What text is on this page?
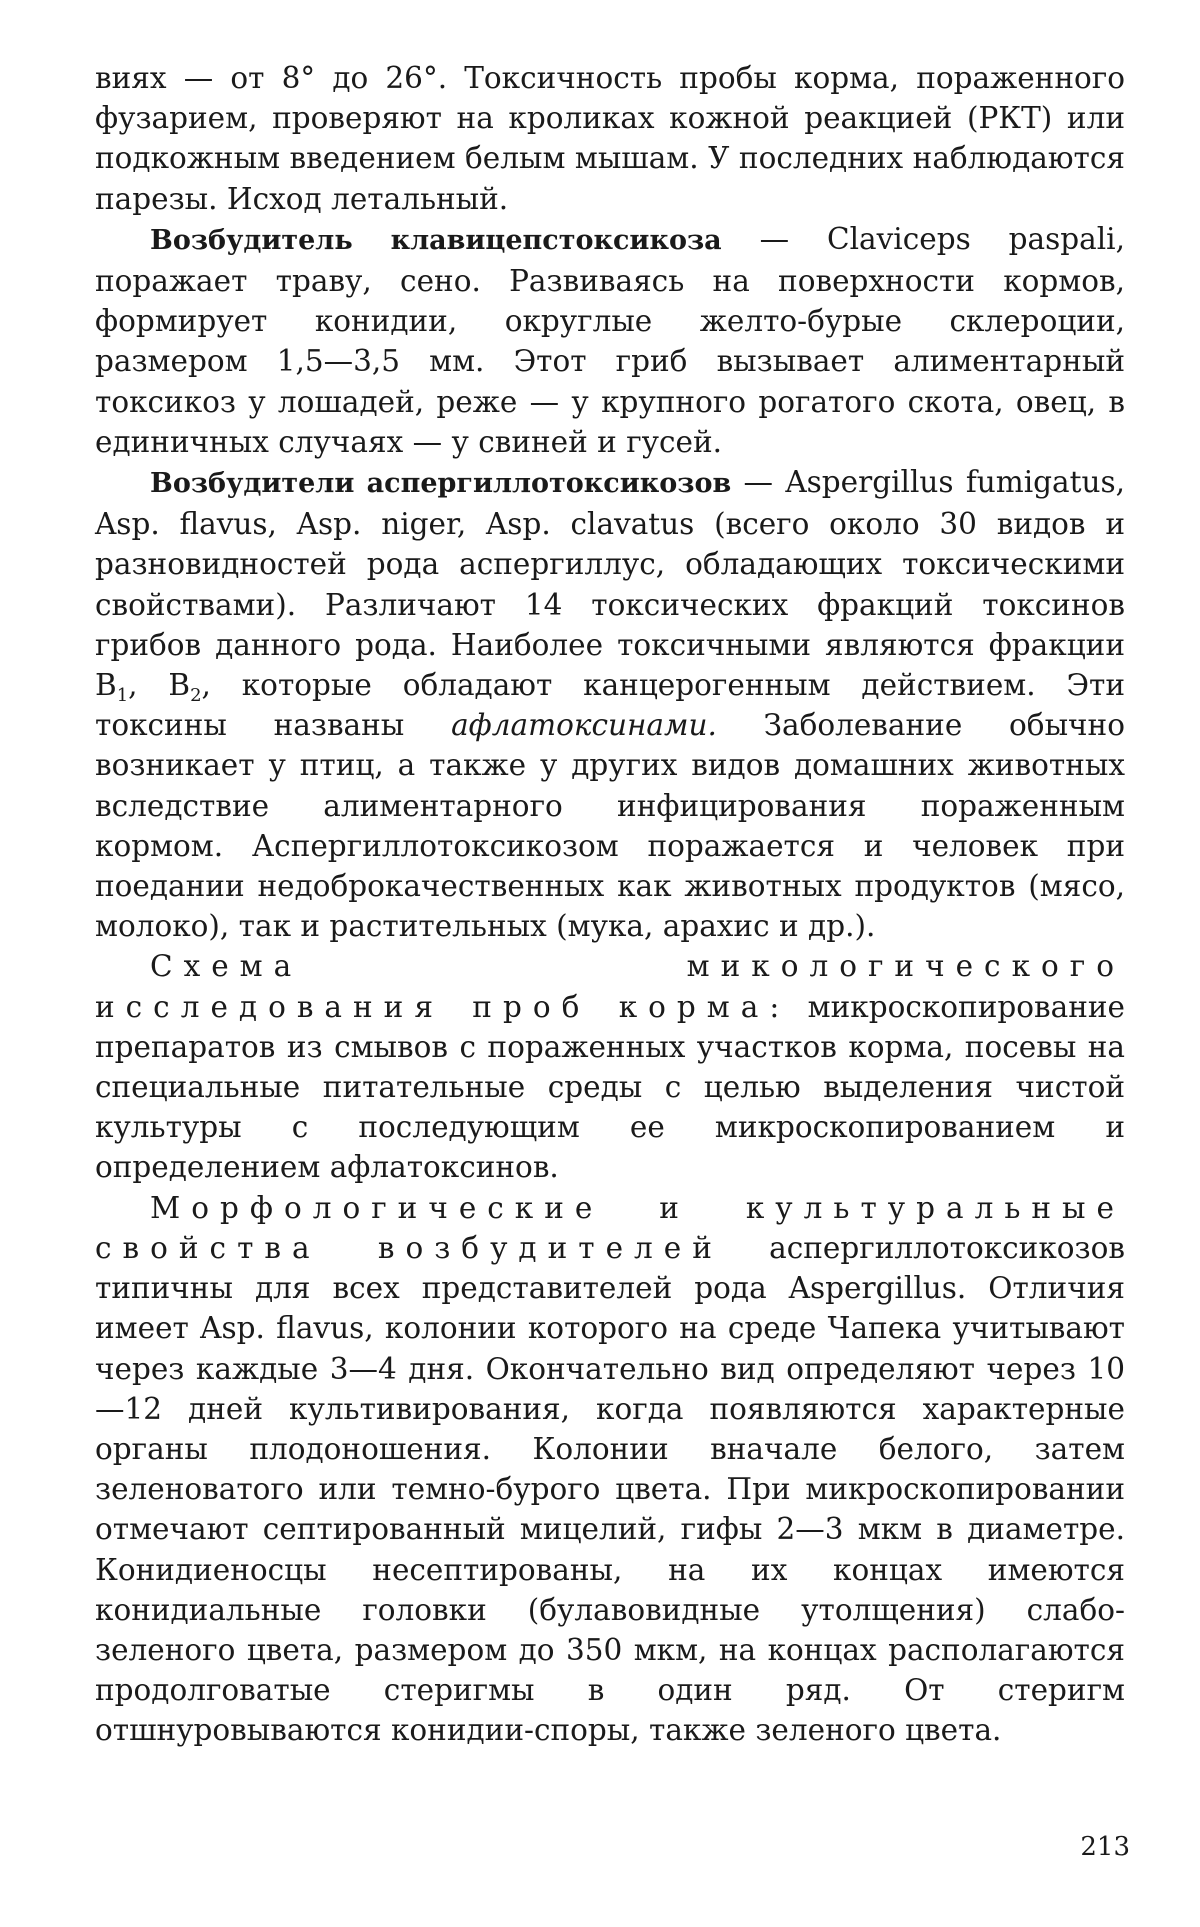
виях — от 8° до 26°. Токсичность пробы корма, пораженного фузарием, проверяют на кроликах кожной реакцией (РКТ) или подкожным введением белым мышам. У последних наблюдаются парезы. Исход летальный.

Возбудитель клавицепстоксикоза — Claviceps paspali, поражает траву, сено. Развиваясь на поверхности кормов, формирует конидии, округлые желто-бурые склероции, размером 1,5—3,5 мм. Этот гриб вызывает алиментарный токсикоз у лошадей, реже — у крупного рогатого скота, овец, в единичных случаях — у свиней и гусей.

Возбудители аспергиллотоксикозов — Aspergillus fumigatus, Asp. flavus, Asp. niger, Asp. clavatus (всего около 30 видов и разновидностей рода аспергиллус, обладающих токсическими свойствами). Различают 14 токсических фракций токсинов грибов данного рода. Наиболее токсичными являются фракции $B_1$, $B_2$, которые обладают канцерогенным действием. Эти токсины названы афлатоксинами. Заболевание обычно возникает у птиц, а также у других видов домашних животных вследствие алиментарного инфицирования пораженным кормом. Аспергиллотоксикозом поражается и человек при поедании недоброкачественных как животных продуктов (мясо, молоко), так и растительных (мука, арахис и др.).

Схема микологического исследования проб корма: микроскопирование препаратов из смывов с пораженных участков корма, посевы на специальные питательные среды с целью выделения чистой культуры с последующим ее микроскопированием и определением афлатоксинов.

Морфологические и культуральные свойства возбудителей аспергиллотоксикозов типичны для всех представителей рода Aspergillus. Отличия имеет Asp. flavus, колонии которого на среде Чапека учитывают через каждые 3—4 дня. Окончательно вид определяют через 10—12 дней культивирования, когда появляются характерные органы плодоношения. Колонии вначале белого, затем зеленоватого или темно-бурого цвета. При микроскопировании отмечают септированный мицелий, гифы 2—3 мкм в диаметре. Конидиеносцы несептированы, на их концах имеются конидиальные головки (булавовидные утолщения) слабо-зеленого цвета, размером до 350 мкм, на концах располагаются продолговатые стеригмы в один ряд. От стеригм отшнуровываются конидии-споры, также зеленого цвета.

213
